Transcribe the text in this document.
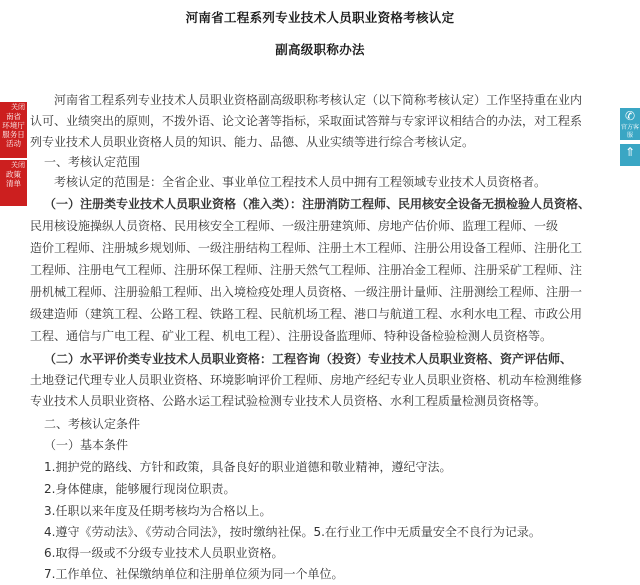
河南省工程系列专业技术人员职业资格考核认定
副高级职称办法
河南省工程系列专业技术人员职业资格副高级职称考核认定（以下简称考核认定）工作坚持重在业内
认可、业绩突出的原则，不拨外语、论文论著等指标，采取面试答辩与专家评议相结合的办法，对工程系
列专业技术人员职业资格人员的知识、能力、品德、从业实绩等进行综合考核认定。
一、考核认定范围
考核认定的范围是：全省企业、事业单位工程技术人员中拥有工程领域专业技术人员资格者。
（一）注册类专业技术人员职业资格（准入类）：注册消防工程师、民用核安全设备无损检验人员资格、
民用核设施操纵人员资格、民用核安全工程师、一级注册建筑师、房地产估价师、监理工程师、一级
造价工程师、注册城乡规划师、一级注册结构工程师、注册土木工程师、注册公用设备工程师、注册化工
工程师、注册电气工程师、注册环保工程师、注册天然气工程师、注册冶金工程师、注册采矿工程师、注
册机械工程师、注册验船工程师、出入境检疫处理人员资格、一级注册计量师、注册测绘工程师、注册一
级建造师（建筑工程、公路工程、铁路工程、民航机场工程、港口与航道工程、水利水电工程、市政公用
工程、通信与广电工程、矿业工程、机电工程）、注册设备监理师、特种设备检验检测人员资格等。
（二）水平评价类专业技术人员职业资格：工程咨询（投资）专业技术人员职业资格、资产评估师、
土地登记代理专业人员职业资格、环境影响评价工程师、房地产经纪专业人员职业资格、机动车检测维修
专业技术人员职业资格、公路水运工程试验检测专业技术人员资格、水利工程质量检测员资格等。
二、考核认定条件
（一）基本条件
1.拥护党的路线、方针和政策，具备良好的职业道德和敬业精神，遵纪守法。
2.身体健康，能够履行现岗位职责。
3.任职以来年度及任期考核均为合格以上。
4.遵守《劳动法》、《劳动合同法》，按时缴纳社保。5.在行业工作中无质量安全不良行为记录。
6.取得一级或不分级专业技术人员职业资格。
7.工作单位、社保缴纳单位和注册单位须为同一个单位。
关闭
南省
环境厅
服务日
活动
关闭
政策
清单
✆
官方客服
⇑
